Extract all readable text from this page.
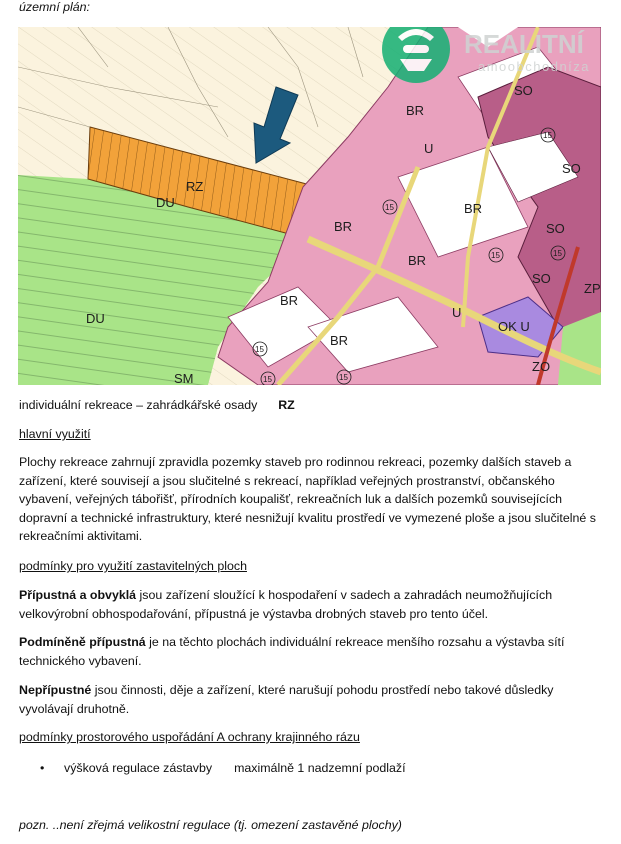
územní plán:
RZ
DU
DU
SM
BR
BR
BR
BR
BR
BR
SO
SO
SO
SO
U
U
OK U
ZO
ZP
15
15
15
15
15
15
15
REALITNÍ
amoobchodníza
individuální rekreace – zahrádkářské osady RZ
hlavní využití
Plochy rekreace zahrnují zpravidla pozemky staveb pro rodinnou rekreaci, pozemky dalších staveb a zařízení, které souvisejí a jsou slučitelné s rekreací, například veřejných prostranství, občanského vybavení, veřejných tábořišť, přírodních koupališť, rekreačních luk a dalších pozemků souvisejících dopravní a technické infrastruktury, které nesnižují kvalitu prostředí ve vymezené ploše a jsou slučitelné s rekreačními aktivitami.
podmínky pro využití zastavitelných ploch
Přípustná a obvyklá jsou zařízení sloužící k hospodaření v sadech a zahradách neumožňujících velkovýrobní obhospodařování, přípustná je výstavba drobných staveb pro tento účel.
Podmíněně přípustná je na těchto plochách individuální rekreace menšího rozsahu a výstavba sítí technického vybavení.
Nepřípustné jsou činnosti, děje a zařízení, které narušují pohodu prostředí nebo takové důsledky vyvolávají druhotně.
podmínky prostorového uspořádání A ochrany krajinného rázu
• výšková regulace zástavby maximálně 1 nadzemní podlaží
pozn. ..není zřejmá velikostní regulace (tj. omezení zastavěné plochy)
